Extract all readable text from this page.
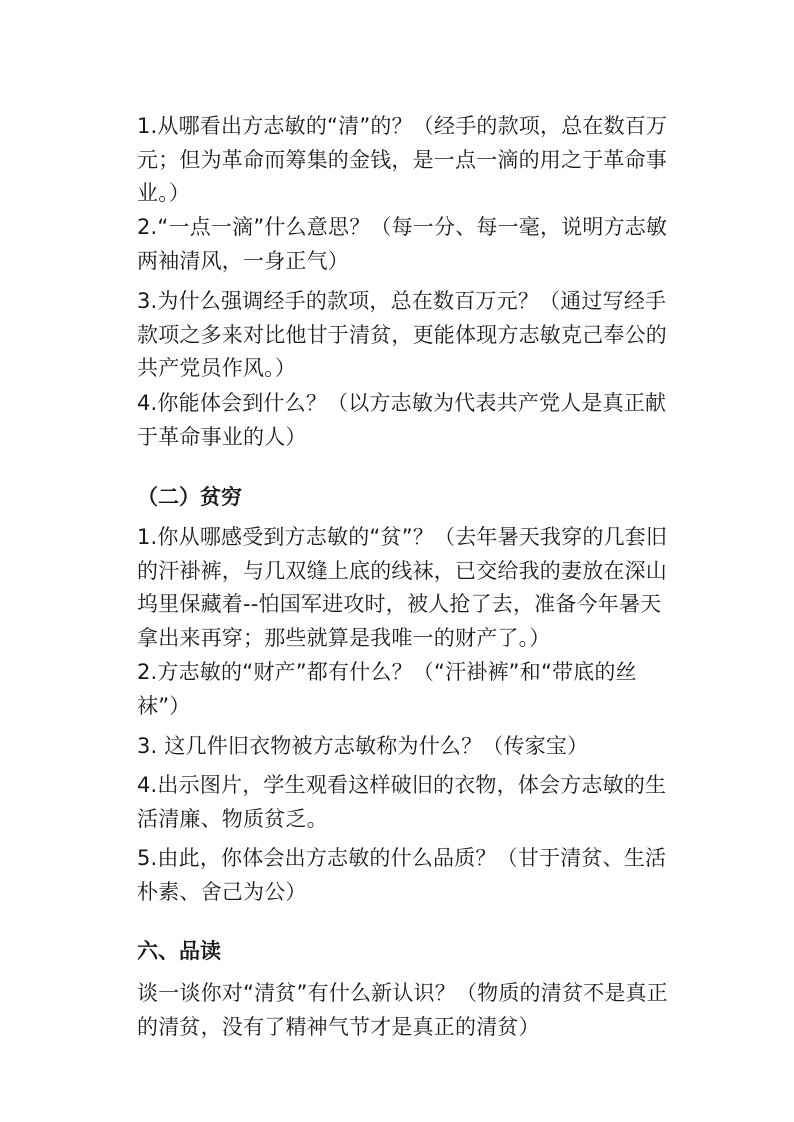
1.从哪看出方志敏的“清”的？（经手的款项，总在数百万
元；但为革命而筹集的金钱，是一点一滴的用之于革命事
业。）
2.“一点一滴”什么意思？（每一分、每一毫，说明方志敏
两袖清风，一身正气）
3.为什么强调经手的款项，总在数百万元？（通过写经手
款项之多来对比他甘于清贫，更能体现方志敏克己奉公的
共产党员作风。）
4.你能体会到什么？（以方志敏为代表共产党人是真正献
于革命事业的人）
（二）贫穷
1.你从哪感受到方志敏的“贫”？（去年暑天我穿的几套旧
的汗褂裤，与几双缝上底的线袜，已交给我的妻放在深山
坞里保藏着--怕国军进攻时，被人抢了去，准备今年暑天
拿出来再穿；那些就算是我唯一的财产了。）
2.方志敏的“财产”都有什么？（“汗褂裤”和“带底的丝
袜”）
3. 这几件旧衣物被方志敏称为什么？（传家宝）
4.出示图片，学生观看这样破旧的衣物，体会方志敏的生
活清廉、物质贫乏。
5.由此，你体会出方志敏的什么品质？（甘于清贫、生活
朴素、舍己为公）
六、品读
谈一谈你对“清贫”有什么新认识？（物质的清贫不是真正
的清贫，没有了精神气节才是真正的清贫）
